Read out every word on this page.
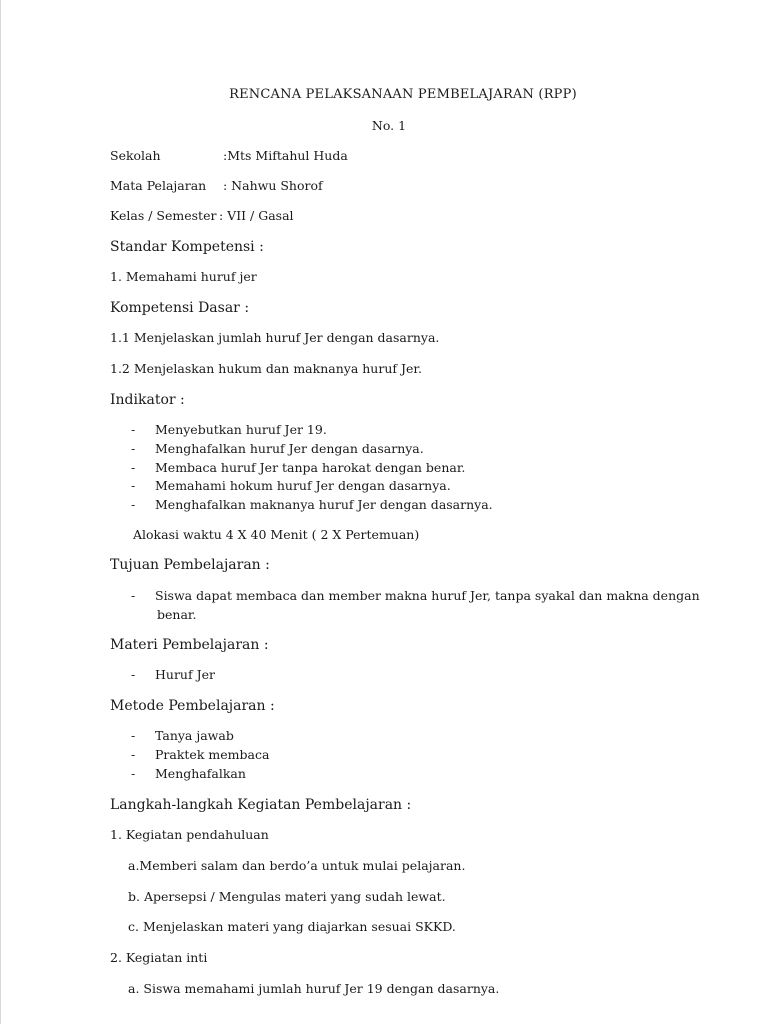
RENCANA PELAKSANAAN PEMBELAJARAN (RPP)
No. 1
Sekolah	:Mts Miftahul Huda
Mata Pelajaran : Nahwu Shorof
Kelas / Semester : VII / Gasal
Standar Kompetensi :
1. Memahami huruf jer
Kompetensi Dasar :
1.1 Menjelaskan jumlah huruf Jer dengan dasarnya.
1.2 Menjelaskan hukum dan maknanya huruf Jer.
Indikator :
- Menyebutkan huruf Jer 19.
- Menghafalkan huruf Jer dengan dasarnya.
- Membaca huruf Jer tanpa harokat dengan benar.
- Memahami hokum huruf Jer dengan dasarnya.
- Menghafalkan maknanya huruf Jer dengan dasarnya.
Alokasi waktu 4 X 40 Menit ( 2 X Pertemuan)
Tujuan Pembelajaran :
- Siswa dapat membaca dan member makna huruf Jer, tanpa syakal dan makna dengan
benar.
Materi Pembelajaran :
- Huruf Jer
Metode Pembelajaran :
- Tanya jawab
- Praktek membaca
- Menghafalkan
Langkah-langkah Kegiatan Pembelajaran :
1. Kegiatan pendahuluan
a.Memberi salam dan berdo’a untuk mulai pelajaran.
b. Apersepsi / Mengulas materi yang sudah lewat.
c. Menjelaskan materi yang diajarkan sesuai SKKD.
2. Kegiatan inti
a. Siswa memahami jumlah huruf Jer 19 dengan dasarnya.
